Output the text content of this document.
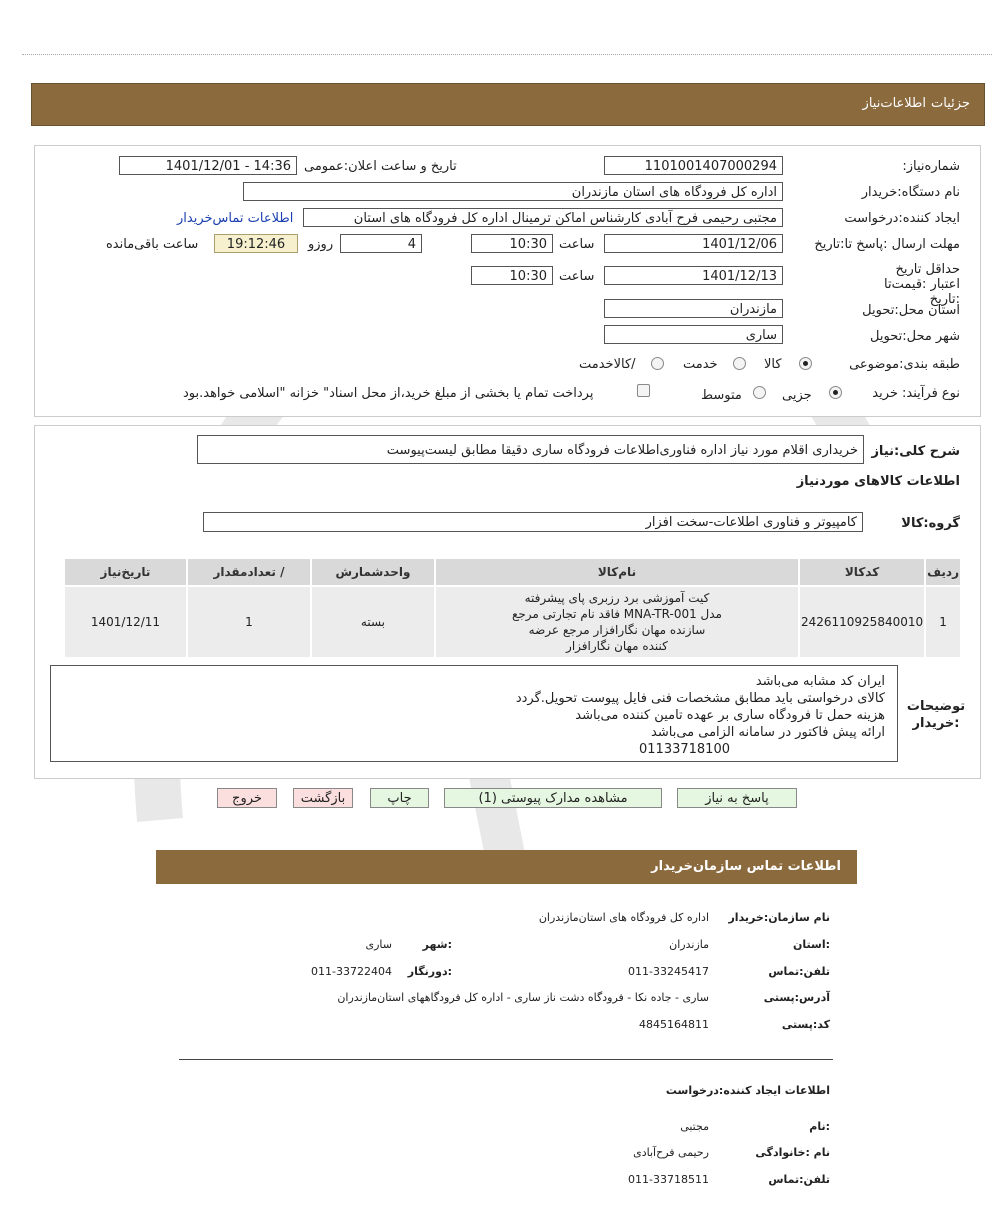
جزئیات
اطلاعات‌نیاز
شماره‌نیاز:
1101001407000294
تاریخ و ساعت اعلان:عمومی
1401/12/01 - 14:36
نام دستگاه:خریدار
اداره کل فرودگاه های استان مازندران
ایجاد کننده:درخواست
مجتبی رحیمی فرح آبادی کارشناس اماکن ترمینال اداره کل فرودگاه های استان
اطلاعات تماس‌خریدار
مهلت ارسال :پاسخ تا:تاریخ
1401/12/06
ساعت
10:30
4
روزو
19:12:46
ساعت باقی‌مانده
حداقل تاریخ اعتبار :قیمت‌تا :تاریخ
1401/12/13
ساعت
10:30
استان محل:تحویل
مازندران
شهر محل:تحویل
ساری
طبقه بندی:موضوعی
کالا
خدمت
/کالاخدمت
نوع فرآیند: خرید
جزیی
متوسط
پرداخت تمام یا بخشی از مبلغ خرید،از محل اسناد" خزانه "اسلامی خواهد.بود
شرح کلی:نیاز
خریداری اقلام مورد نیاز اداره فناوری‌اطلاعات فرودگاه ساری دقیقا مطابق لیست‌پیوست
اطلاعات کالاهای موردنیاز
گروه:کالا
کامپیوتر و فناوری اطلاعات-سخت افزار
ردیف	کدکالا	نام‌کالا	واحدشمارش	/ تعدادمقدار	تاریخ‌نیاز
1	2426110925840010	کیت آموزشی برد رزبری پای پیشرفته
مدل MNA-TR-001 فاقد نام تجارتی مرجع
سازنده مهان نگارافزار مرجع عرضه
کننده مهان نگارافزار	بسته	1	1401/12/11
توضیحات :خریدار
ایران کد مشابه می‌باشد
کالای درخواستی باید مطابق مشخصات فنی فایل پیوست تحویل.گردد
هزینه حمل تا فرودگاه ساری بر عهده تامین کننده می‌باشد
ارائه پیش فاکتور در سامانه الزامی می‌باشد
01133718100
پاسخ به نیاز
مشاهده مدارک پیوستی (1)
چاپ
بازگشت
خروج
اطلاعات تماس سازمان‌خریدار
نام سازمان:خریدار
اداره کل فرودگاه های استان‌مازندران
:استان
مازندران
:شهر
ساری
تلفن:تماس
011-33245417
:دورنگار
011-33722404
آدرس:پستی
ساری - جاده نکا - فرودگاه دشت ناز ساری - اداره کل فرودگاههای استان‌مازندران
کد:پستی
4845164811
اطلاعات ایجاد کننده:درخواست
:نام
مجتبی
نام :خانوادگی
رحیمی فرح‌آبادی
تلفن:تماس
011-33718511
